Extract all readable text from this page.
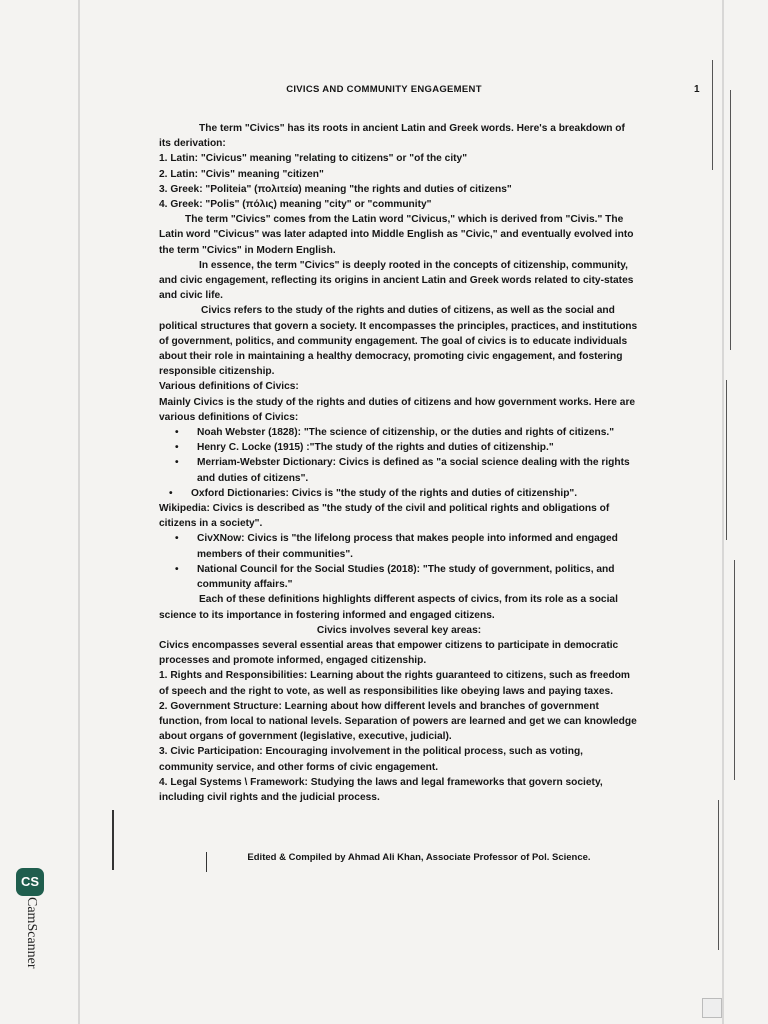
CIVICS AND COMMUNITY ENGAGEMENT	1

The term "Civics" has its roots in ancient Latin and Greek words. Here's a breakdown of its derivation:

1. Latin: "Civicus" meaning "relating to citizens" or "of the city"

2. Latin: "Civis" meaning "citizen"

3. Greek: "Politeia" (πολιτεία) meaning "the rights and duties of citizens"

4. Greek: "Polis" (πόλις) meaning "city" or "community"

The term "Civics" comes from the Latin word "Civicus," which is derived from "Civis." The Latin word "Civicus" was later adapted into Middle English as "Civic," and eventually evolved into the term "Civics" in Modern English.

In essence, the term "Civics" is deeply rooted in the concepts of citizenship, community, and civic engagement, reflecting its origins in ancient Latin and Greek words related to city-states and civic life.

Civics refers to the study of the rights and duties of citizens, as well as the social and political structures that govern a society. It encompasses the principles, practices, and institutions of government, politics, and community engagement. The goal of civics is to educate individuals about their role in maintaining a healthy democracy, promoting civic engagement, and fostering responsible citizenship.

Various definitions of Civics:

Mainly Civics is the study of the rights and duties of citizens and how government works. Here are various definitions of Civics:

• Noah Webster (1828): "The science of citizenship, or the duties and rights of citizens."
• Henry C. Locke (1915) :"The study of the rights and duties of citizenship."
• Merriam-Webster Dictionary: Civics is defined as "a social science dealing with the rights and duties of citizens".
• Oxford Dictionaries: Civics is "the study of the rights and duties of citizenship".

Wikipedia: Civics is described as "the study of the civil and political rights and obligations of citizens in a society".

• CivXNow: Civics is "the lifelong process that makes people into informed and engaged members of their communities".
• National Council for the Social Studies (2018): "The study of government, politics, and community affairs."

Each of these definitions highlights different aspects of civics, from its role as a social science to its importance in fostering informed and engaged citizens.

Civics involves several key areas:

Civics encompasses several essential areas that empower citizens to participate in democratic processes and promote informed, engaged citizenship.

1. Rights and Responsibilities: Learning about the rights guaranteed to citizens, such as freedom of speech and the right to vote, as well as responsibilities like obeying laws and paying taxes.

2. Government Structure: Learning about how different levels and branches of government function, from local to national levels. Separation of powers are learned and get we can knowledge about organs of government (legislative, executive, judicial).

3. Civic Participation: Encouraging involvement in the political process, such as voting, community service, and other forms of civic engagement.

4. Legal Systems \ Framework: Studying the laws and legal frameworks that govern society, including civil rights and the judicial process.

Edited & Compiled by Ahmad Ali Khan, Associate Professor of Pol. Science.
CS
CamScanner
